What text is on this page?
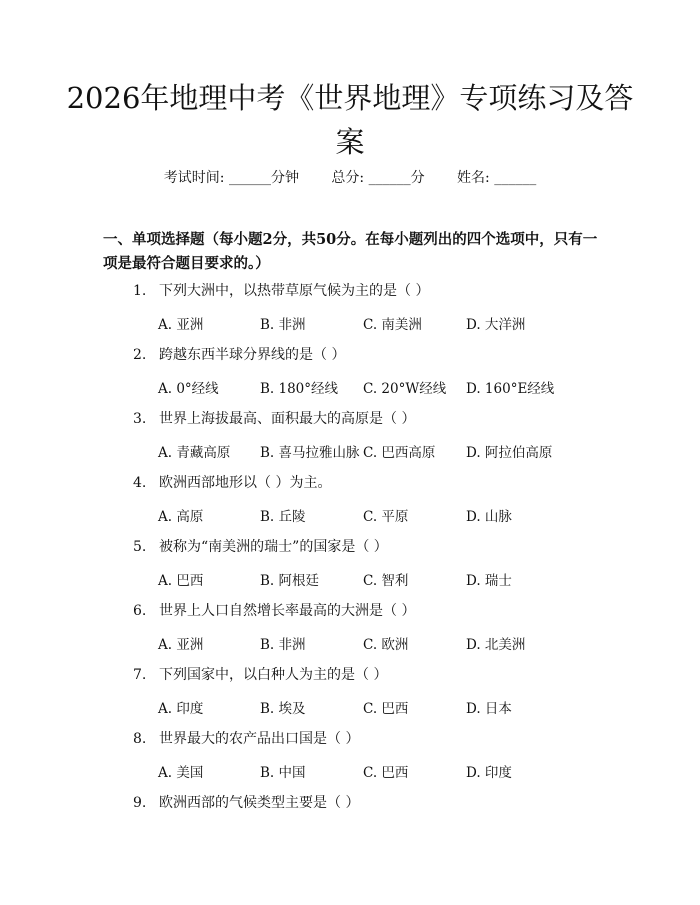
2026年地理中考《世界地理》专项练习及答
案
考试时间: ______分钟 总分: ______分 姓名: ______
一、单项选择题（每小题2分，共50分。在每小题列出的四个选项中，只有一项是最符合题目要求的。）
1. 下列大洲中，以热带草原气候为主的是（ ）
A. 亚洲	B. 非洲	C. 南美洲	D. 大洋洲
2. 跨越东西半球分界线的是（ ）
A. 0°经线	B. 180°经线 C. 20°W经线 D. 160°E经线
3. 世界上海拔最高、面积最大的高原是（ ）
A. 青藏高原 B. 喜马拉雅山脉 C. 巴西高原 D. 阿拉伯高原
4. 欧洲西部地形以（ ）为主。
A. 高原	B. 丘陵	C. 平原	D. 山脉
5. 被称为“南美洲的瑞士”的国家是（ ）
A. 巴西	B. 阿根廷	C. 智利	D. 瑞士
6. 世界上人口自然增长率最高的大洲是（ ）
A. 亚洲	B. 非洲	C. 欧洲	D. 北美洲
7. 下列国家中，以白种人为主的是（ ）
A. 印度	B. 埃及	C. 巴西	D. 日本
8. 世界最大的农产品出口国是（ ）
A. 美国	B. 中国	C. 巴西	D. 印度
9. 欧洲西部的气候类型主要是（ ）
